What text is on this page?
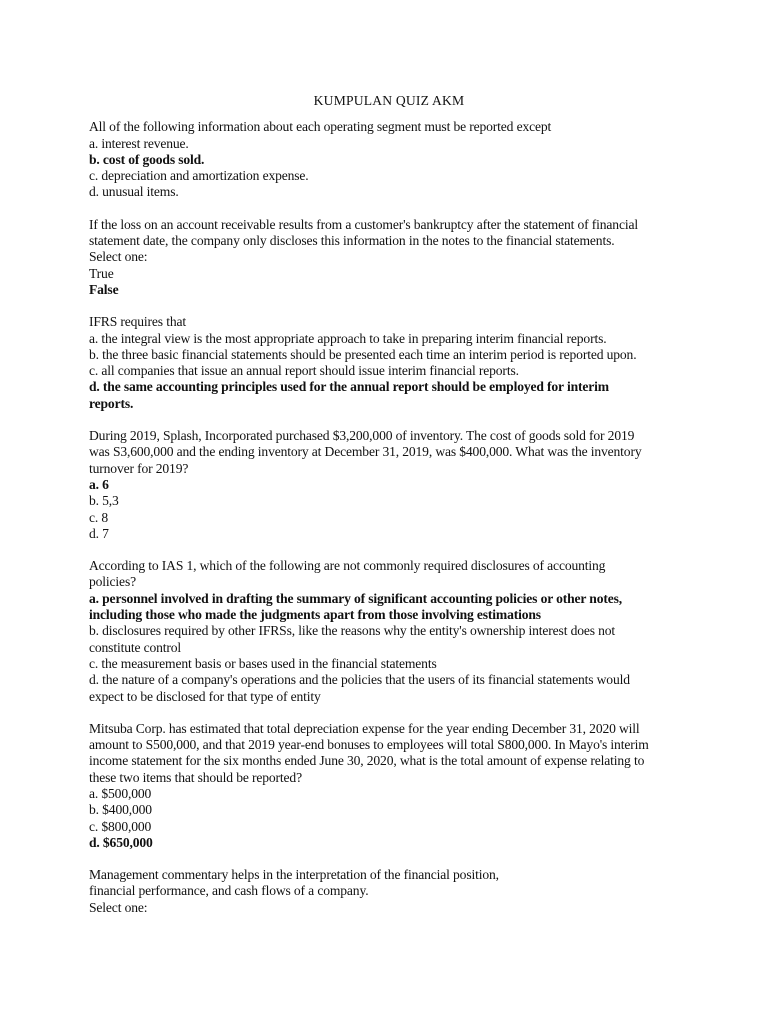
KUMPULAN QUIZ AKM
All of the following information about each operating segment must be reported except
a. interest revenue.
b. cost of goods sold.
c. depreciation and amortization expense.
d. unusual items.
If the loss on an account receivable results from a customer's bankruptcy after the statement of financial
statement date, the company only discloses this information in the notes to the financial statements.
Select one:
True
False
IFRS requires that
a. the integral view is the most appropriate approach to take in preparing interim financial reports.
b. the three basic financial statements should be presented each time an interim period is reported upon.
c. all companies that issue an annual report should issue interim financial reports.
d. the same accounting principles used for the annual report should be employed for interim
reports.
During 2019, Splash, Incorporated purchased $3,200,000 of inventory. The cost of goods sold for 2019
was S3,600,000 and the ending inventory at December 31, 2019, was $400,000. What was the inventory
turnover for 2019?
a. 6
b. 5,3
c. 8
d. 7
According to IAS 1, which of the following are not commonly required disclosures of accounting
policies?
a. personnel involved in drafting the summary of significant accounting policies or other notes,
including those who made the judgments apart from those involving estimations
b. disclosures required by other IFRSs, like the reasons why the entity's ownership interest does not
constitute control
c. the measurement basis or bases used in the financial statements
d. the nature of a company's operations and the policies that the users of its financial statements would
expect to be disclosed for that type of entity
Mitsuba Corp. has estimated that total depreciation expense for the year ending December 31, 2020 will
amount to S500,000, and that 2019 year-end bonuses to employees will total S800,000. In Mayo's interim
income statement for the six months ended June 30, 2020, what is the total amount of expense relating to
these two items that should be reported?
a. $500,000
b. $400,000
c. $800,000
d. $650,000
Management commentary helps in the interpretation of the financial position,
financial performance, and cash flows of a company.
Select one:
